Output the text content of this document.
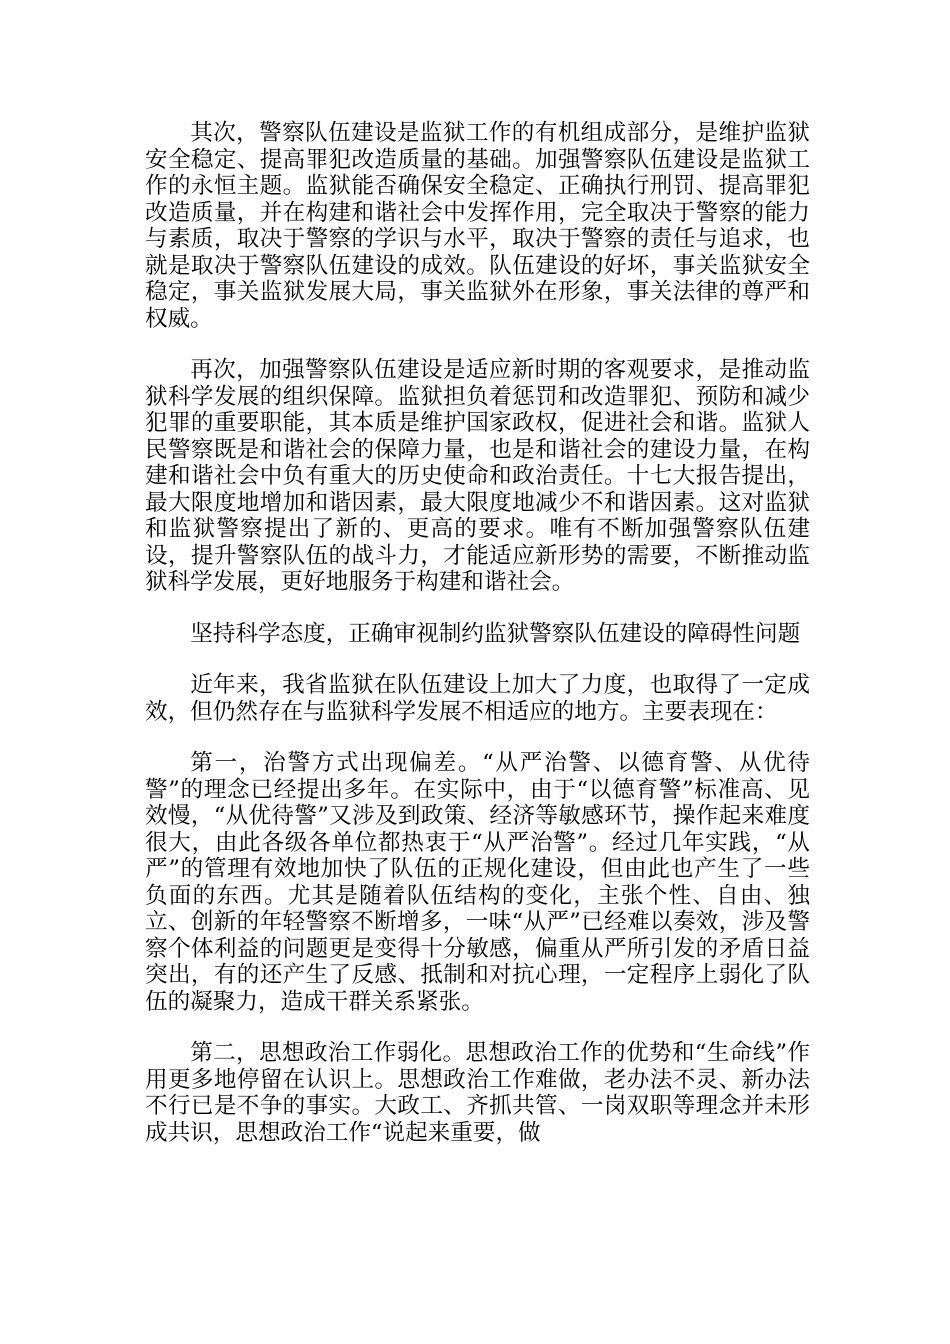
其次，警察队伍建设是监狱工作的有机组成部分，是维护监狱安全稳定、提高罪犯改造质量的基础。加强警察队伍建设是监狱工作的永恒主题。监狱能否确保安全稳定、正确执行刑罚、提高罪犯改造质量，并在构建和谐社会中发挥作用，完全取决于警察的能力与素质，取决于警察的学识与水平，取决于警察的责任与追求，也就是取决于警察队伍建设的成效。队伍建设的好坏，事关监狱安全稳定，事关监狱发展大局，事关监狱外在形象，事关法律的尊严和权威。

再次，加强警察队伍建设是适应新时期的客观要求，是推动监狱科学发展的组织保障。监狱担负着惩罚和改造罪犯、预防和减少犯罪的重要职能，其本质是维护国家政权，促进社会和谐。监狱人民警察既是和谐社会的保障力量，也是和谐社会的建设力量，在构建和谐社会中负有重大的历史使命和政治责任。十七大报告提出，最大限度地增加和谐因素，最大限度地减少不和谐因素。这对监狱和监狱警察提出了新的、更高的要求。唯有不断加强警察队伍建设，提升警察队伍的战斗力，才能适应新形势的需要，不断推动监狱科学发展，更好地服务于构建和谐社会。

坚持科学态度，正确审视制约监狱警察队伍建设的障碍性问题

近年来，我省监狱在队伍建设上加大了力度，也取得了一定成效，但仍然存在与监狱科学发展不相适应的地方。主要表现在：

第一，治警方式出现偏差。“从严治警、以德育警、从优待警”的理念已经提出多年。在实际中，由于“以德育警”标准高、见效慢，“从优待警”又涉及到政策、经济等敏感环节，操作起来难度很大，由此各级各单位都热衷于“从严治警”。经过几年实践，“从严”的管理有效地加快了队伍的正规化建设，但由此也产生了一些负面的东西。尤其是随着队伍结构的变化，主张个性、自由、独立、创新的年轻警察不断增多，一味“从严”已经难以奏效，涉及警察个体利益的问题更是变得十分敏感，偏重从严所引发的矛盾日益突出，有的还产生了反感、抵制和对抗心理，一定程序上弱化了队伍的凝聚力，造成干群关系紧张。

第二，思想政治工作弱化。思想政治工作的优势和“生命线”作用更多地停留在认识上。思想政治工作难做，老办法不灵、新办法不行已是不争的事实。大政工、齐抓共管、一岗双职等理念并未形成共识，思想政治工作“说起来重要，做
